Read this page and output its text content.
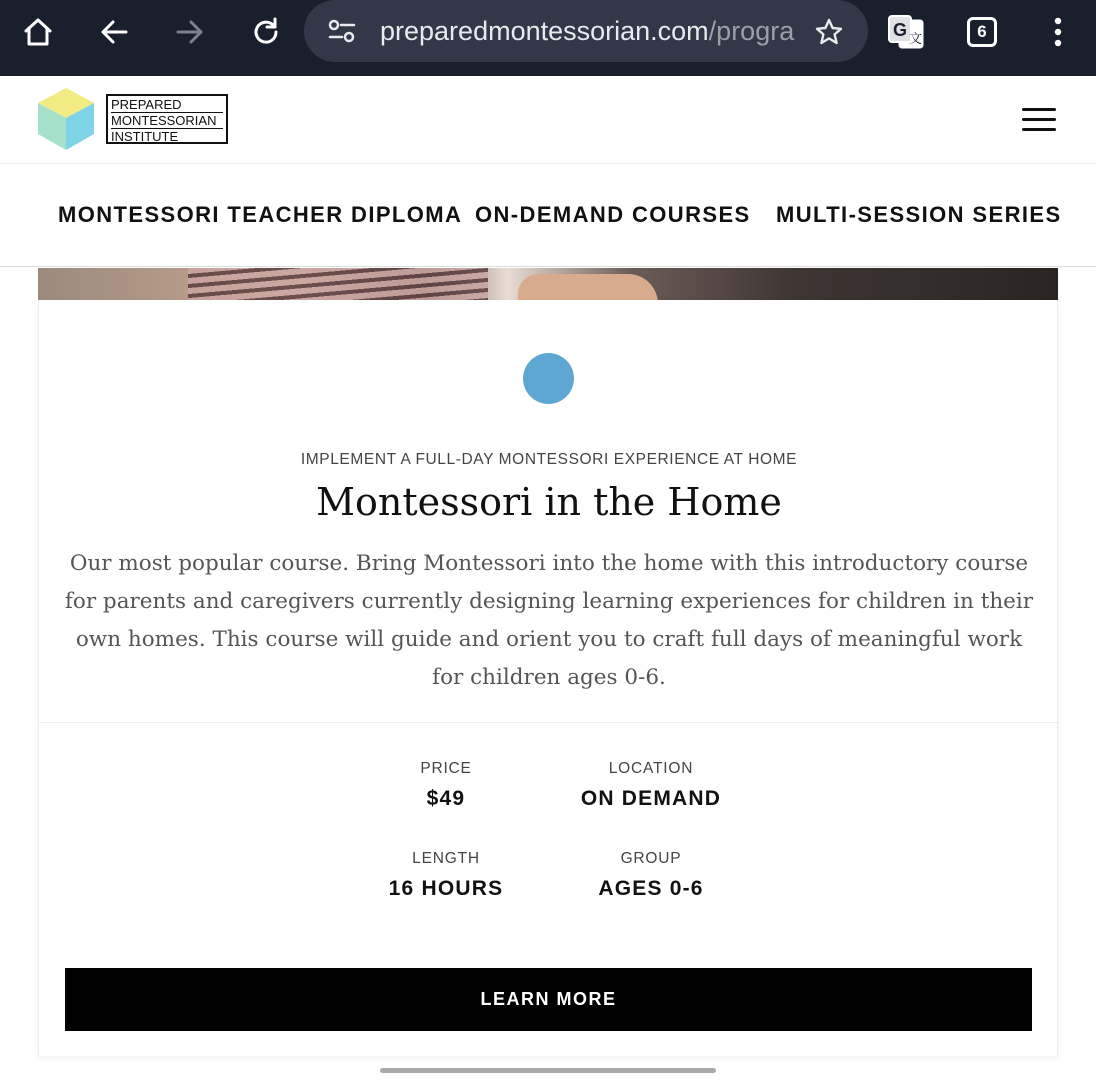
preparedmontessorian.com/progra	G 文	6
PREPARED
MONTESSORIAN
INSTITUTE
MONTESSORI TEACHER DIPLOMA ON-DEMAND COURSES MULTI-SESSION SERIES
IMPLEMENT A FULL-DAY MONTESSORI EXPERIENCE AT HOME
Montessori in the Home

Our most popular course. Bring Montessori into the home with this introductory course for parents and caregivers currently designing learning experiences for children in their own homes. This course will guide and orient you to craft full days of meaningful work for children ages 0-6.

PRICE
$49
LOCATION
ON DEMAND
LENGTH
16 HOURS
GROUP
AGES 0-6
LEARN MORE
